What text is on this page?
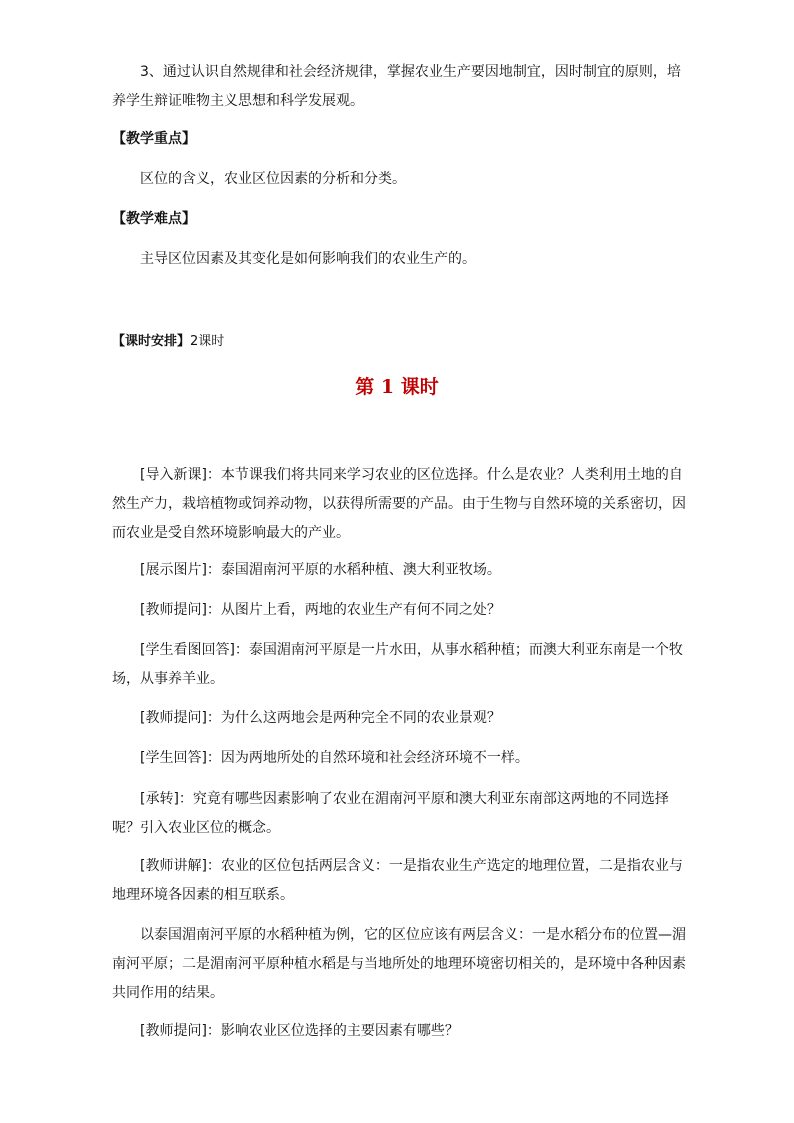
3、通过认识自然规律和社会经济规律，掌握农业生产要因地制宜，因时制宜的原则，培养学生辩证唯物主义思想和科学发展观。

【教学重点】

区位的含义，农业区位因素的分析和分类。

【教学难点】

主导区位因素及其变化是如何影响我们的农业生产的。

【课时安排】2课时

第 1 课时

[导入新课]：本节课我们将共同来学习农业的区位选择。什么是农业？人类利用土地的自然生产力，栽培植物或饲养动物，以获得所需要的产品。由于生物与自然环境的关系密切，因而农业是受自然环境影响最大的产业。

[展示图片]：泰国湄南河平原的水稻种植、澳大利亚牧场。

[教师提问]：从图片上看，两地的农业生产有何不同之处？

[学生看图回答]：泰国湄南河平原是一片水田，从事水稻种植；而澳大利亚东南是一个牧场，从事养羊业。

[教师提问]：为什么这两地会是两种完全不同的农业景观？

[学生回答]：因为两地所处的自然环境和社会经济环境不一样。

[承转]：究竟有哪些因素影响了农业在湄南河平原和澳大利亚东南部这两地的不同选择呢？引入农业区位的概念。

[教师讲解]：农业的区位包括两层含义：一是指农业生产选定的地理位置，二是指农业与地理环境各因素的相互联系。

以泰国湄南河平原的水稻种植为例，它的区位应该有两层含义：一是水稻分布的位置—湄南河平原；二是湄南河平原种植水稻是与当地所处的地理环境密切相关的，是环境中各种因素共同作用的结果。

[教师提问]：影响农业区位选择的主要因素有哪些？
